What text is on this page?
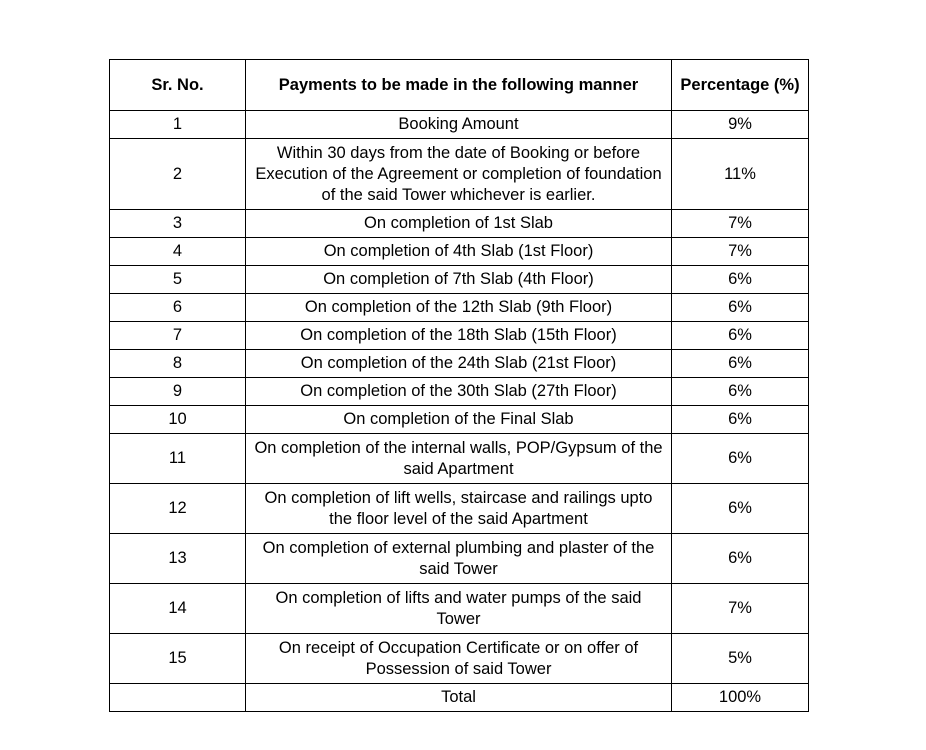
Sr. No.	Payments to be made in the following manner	Percentage (%)
1	Booking Amount	9%
2	Within 30 days from the date of Booking or before Execution of the Agreement or completion of foundation of the said Tower whichever is earlier.	11%
3	On completion of 1st Slab	7%
4	On completion of 4th Slab (1st Floor)	7%
5	On completion of 7th Slab (4th Floor)	6%
6	On completion of the 12th Slab (9th Floor)	6%
7	On completion of the 18th Slab (15th Floor)	6%
8	On completion of the 24th Slab (21st Floor)	6%
9	On completion of the 30th Slab (27th Floor)	6%
10	On completion of the Final Slab	6%
11	On completion of the internal walls, POP/Gypsum of the said Apartment	6%
12	On completion of lift wells, staircase and railings upto the floor level of the said Apartment	6%
13	On completion of external plumbing and plaster of the said Tower	6%
14	On completion of lifts and water pumps of the said Tower	7%
15	On receipt of Occupation Certificate or on offer of Possession of said Tower	5%
	Total	100%
